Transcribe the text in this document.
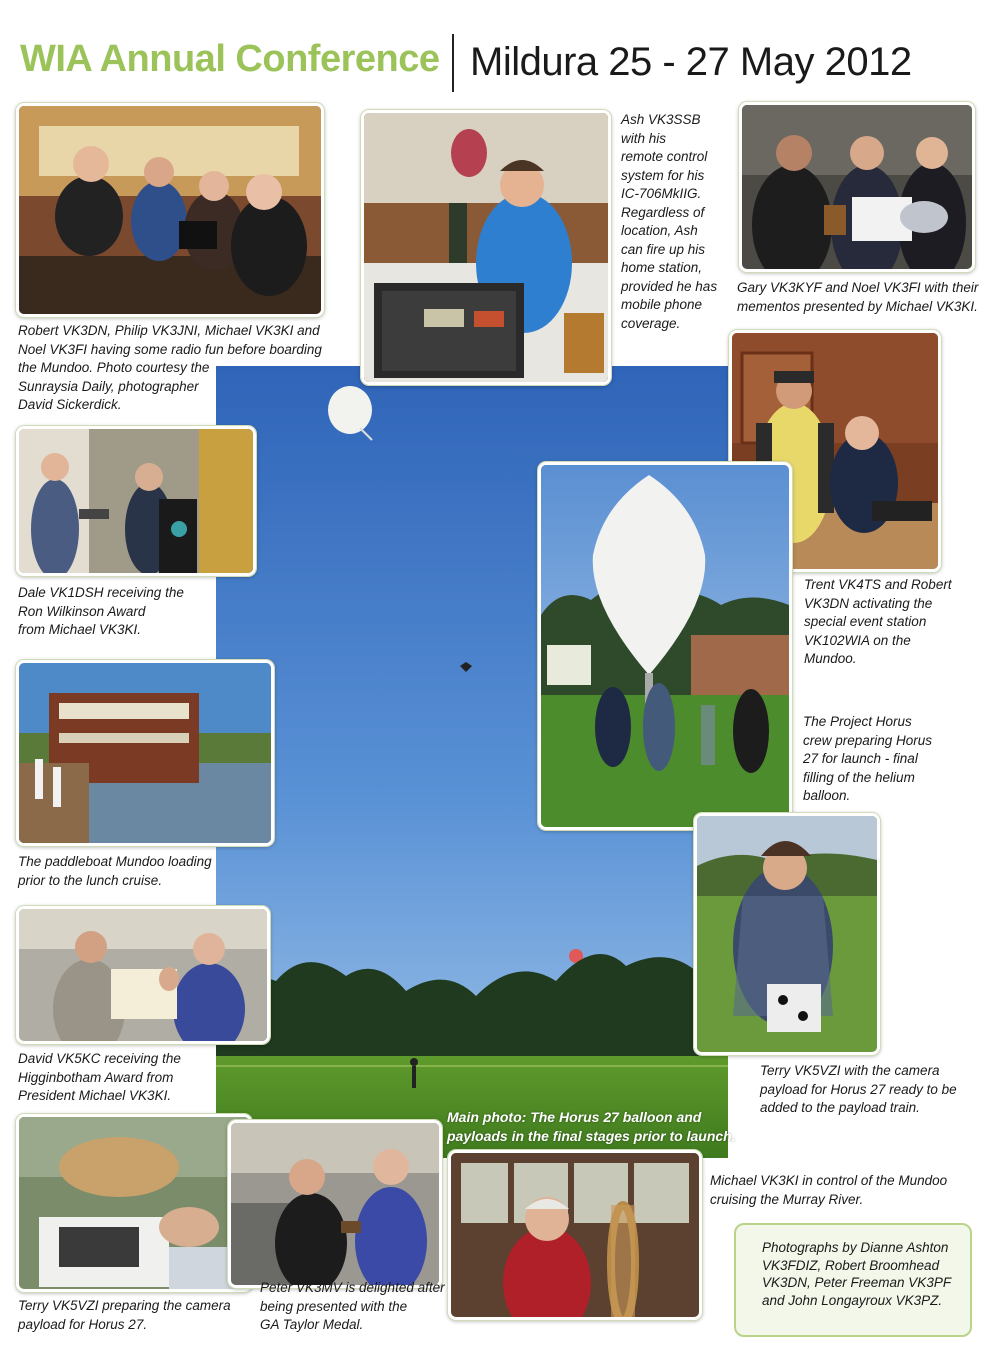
WIA Annual Conference Mildura 25 - 27 May 2012
Robert VK3DN, Philip VK3JNI, Michael VK3KI and
Noel VK3FI having some radio fun before boarding
the Mundoo. Photo courtesy the
Sunraysia Daily, photographer
David Sickerdick.
Ash VK3SSB
with his
remote control
system for his
IC-706MkIIG.
Regardless of
location, Ash
can fire up his
home station,
provided he has
mobile phone
coverage.
Gary VK3KYF and Noel VK3FI with their
mementos presented by Michael VK3KI.
Trent VK4TS and Robert
VK3DN activating the
special event station
VK102WIA on the
Mundoo.
Dale VK1DSH receiving the
Ron Wilkinson Award
from Michael VK3KI.
The Project Horus
crew preparing Horus
27 for launch - final
filling of the helium
balloon.
The paddleboat Mundoo loading
prior to the lunch cruise.
Terry VK5VZI with the camera
payload for Horus 27 ready to be
added to the payload train.
David VK5KC receiving the
Higginbotham Award from
President Michael VK3KI.
Main photo: The Horus 27 balloon and
payloads in the final stages prior to launch.
Terry VK5VZI preparing the camera
payload for Horus 27.
Peter VK3MV is delighted after
being presented with the
GA Taylor Medal.
Michael VK3KI in control of the Mundoo
cruising the Murray River.
Photographs by Dianne Ashton
VK3FDIZ, Robert Broomhead
VK3DN, Peter Freeman VK3PF
and John Longayroux VK3PZ.
